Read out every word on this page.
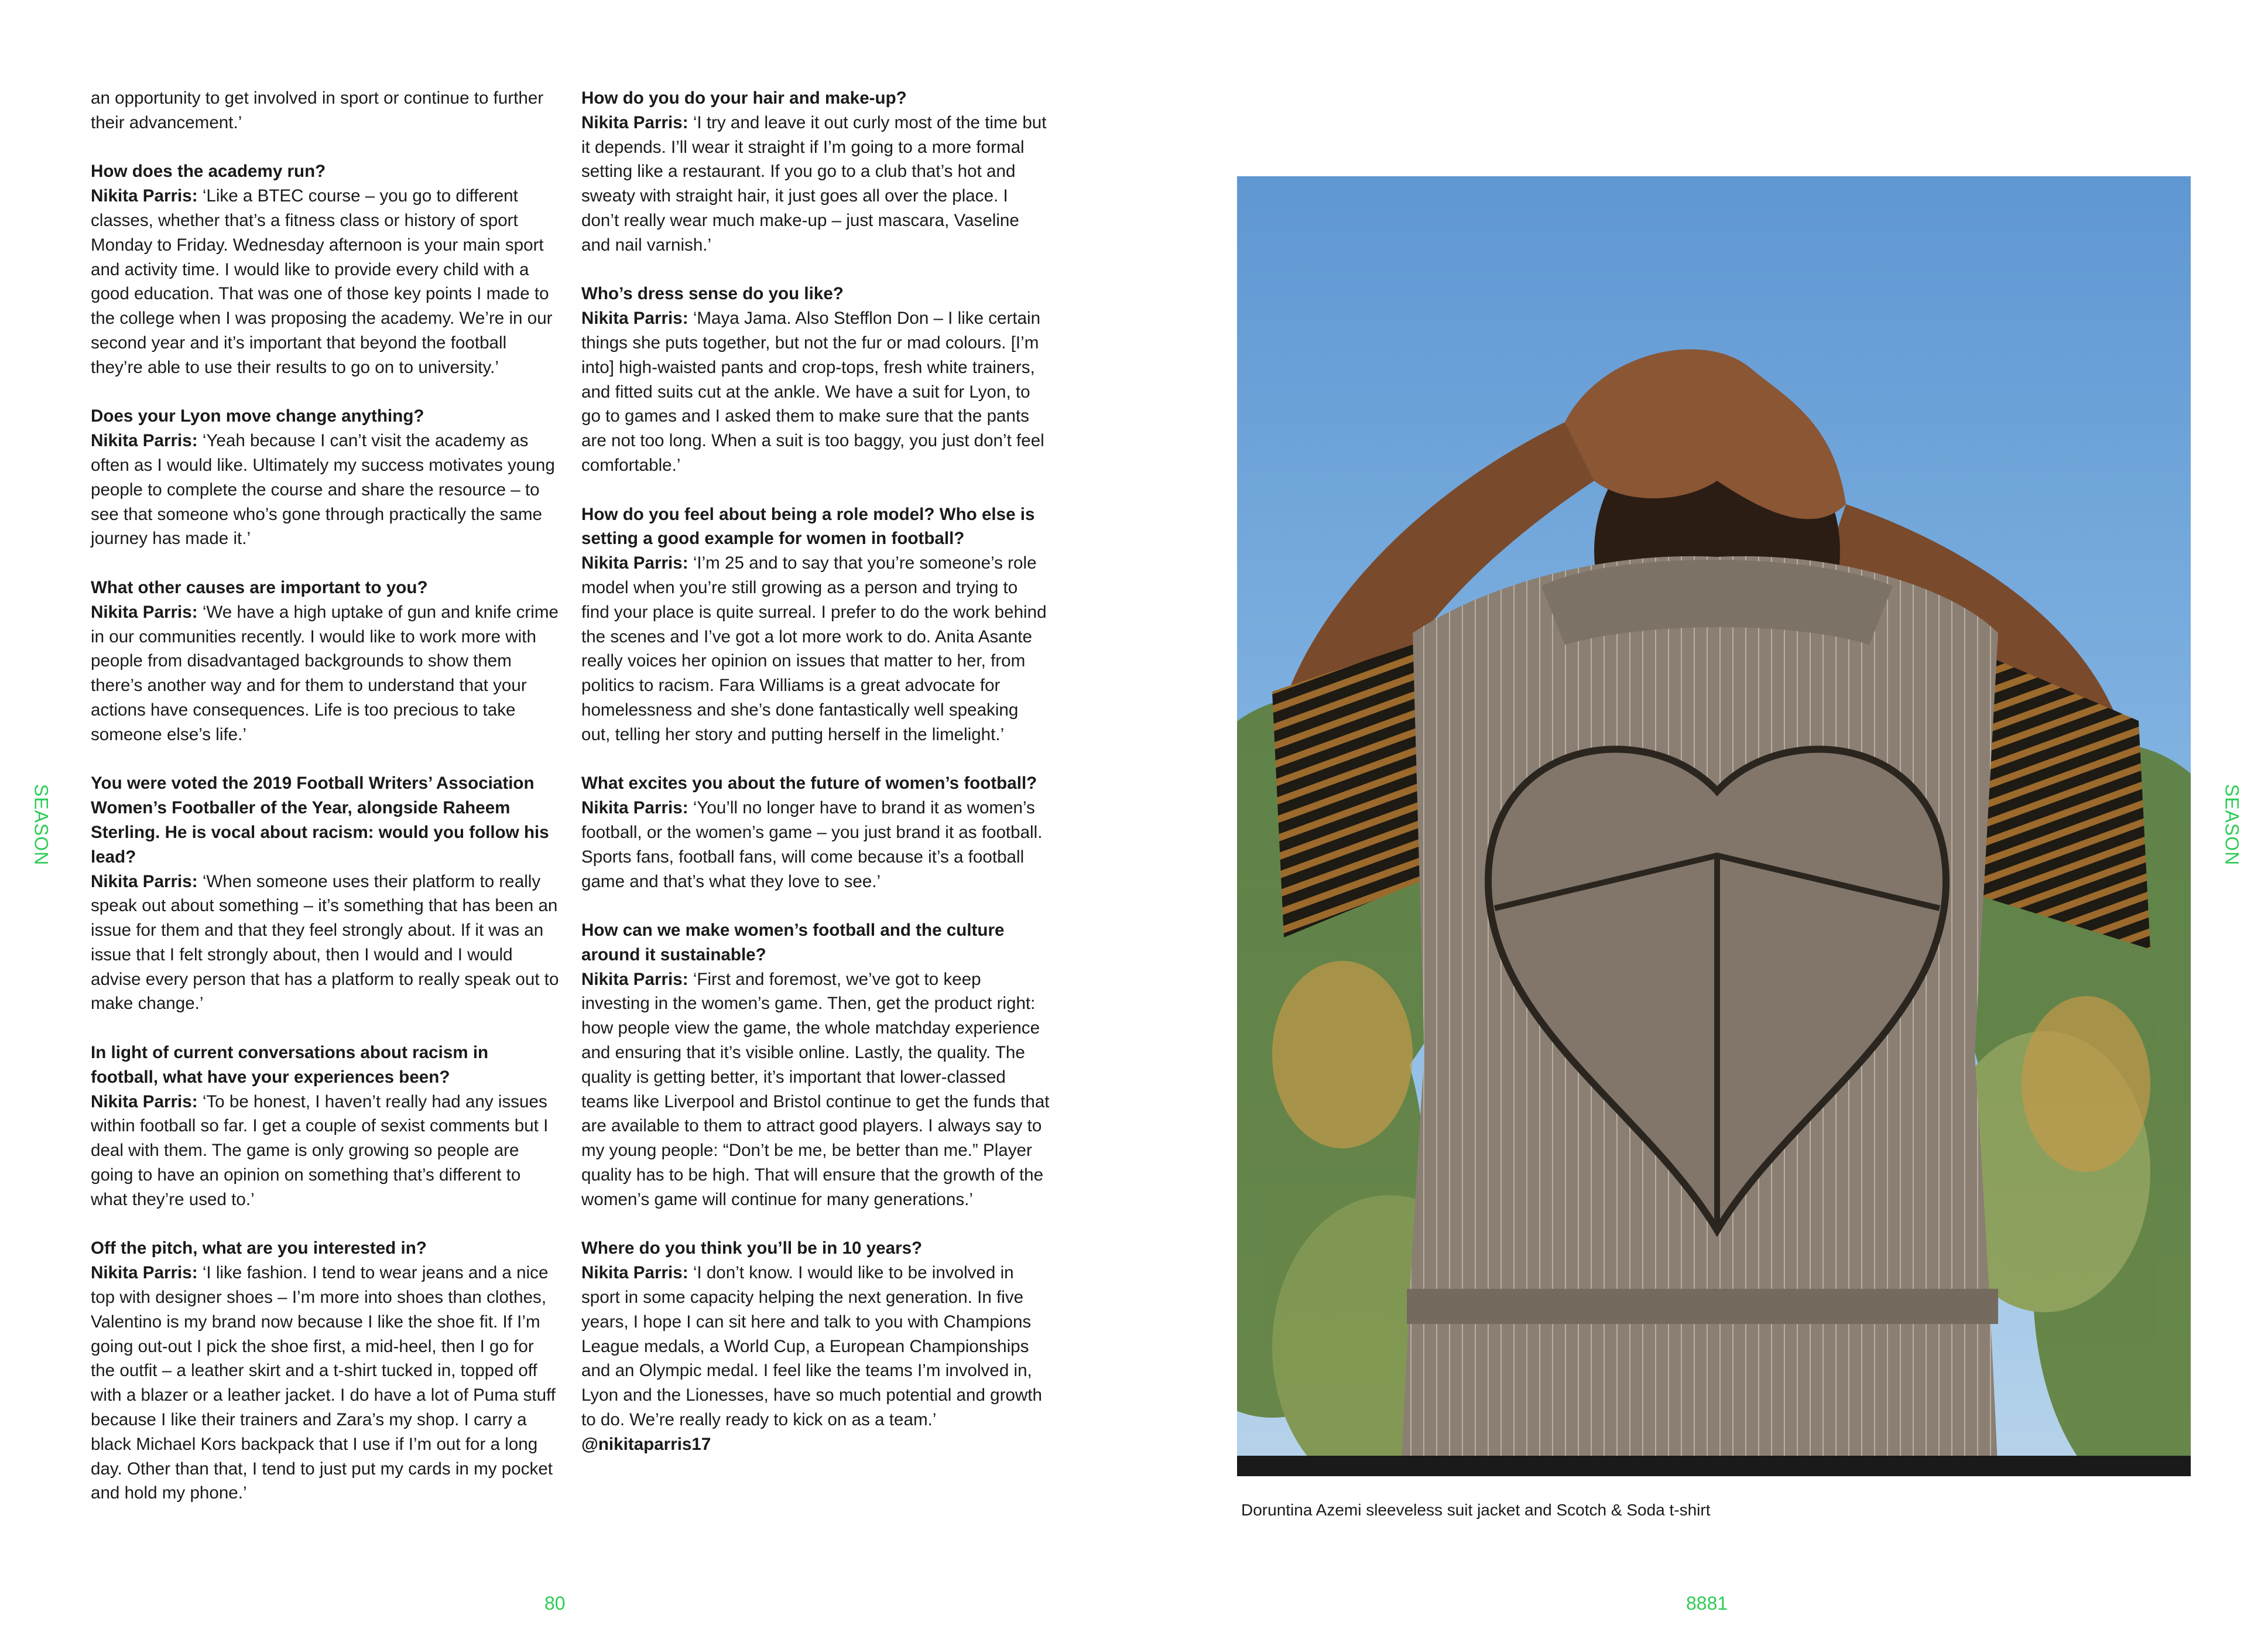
an opportunity to get involved in sport or continue to further their advancement.’

How does the academy run?

Nikita Parris: ‘Like a BTEC course – you go to different classes, whether that’s a fitness class or history of sport Monday to Friday. Wednesday afternoon is your main sport and activity time. I would like to provide every child with a good education. That was one of those key points I made to the college when I was proposing the academy. We’re in our second year and it’s important that beyond the football they’re able to use their results to go on to university.’

Does your Lyon move change anything?

Nikita Parris: ‘Yeah because I can’t visit the academy as often as I would like. Ultimately my success motivates young people to complete the course and share the resource – to see that someone who’s gone through practically the same journey has made it.’

What other causes are important to you?

Nikita Parris: ‘We have a high uptake of gun and knife crime in our communities recently. I would like to work more with people from disadvantaged backgrounds to show them there’s another way and for them to understand that your actions have consequences. Life is too precious to take someone else’s life.’

You were voted the 2019 Football Writers’ Association Women’s Footballer of the Year, alongside Raheem Sterling. He is vocal about racism: would you follow his lead?

Nikita Parris: ‘When someone uses their platform to really speak out about something – it’s something that has been an issue for them and that they feel strongly about. If it was an issue that I felt strongly about, then I would and I would advise every person that has a platform to really speak out to make change.’

In light of current conversations about racism in football, what have your experiences been?

Nikita Parris: ‘To be honest, I haven’t really had any issues within football so far. I get a couple of sexist comments but I deal with them. The game is only growing so people are going to have an opinion on something that’s different to what they’re used to.’

Off the pitch, what are you interested in?

Nikita Parris: ‘I like fashion. I tend to wear jeans and a nice top with designer shoes – I’m more into shoes than clothes, Valentino is my brand now because I like the shoe fit. If I’m going out-out I pick the shoe first, a mid-heel, then I go for the outfit – a leather skirt and a t-shirt tucked in, topped off with a blazer or a leather jacket. I do have a lot of Puma stuff because I like their trainers and Zara’s my shop. I carry a black Michael Kors backpack that I use if I’m out for a long day. Other than that, I tend to just put my cards in my pocket and hold my phone.’

How do you do your hair and make-up?

Nikita Parris: ‘I try and leave it out curly most of the time but it depends. I’ll wear it straight if I’m going to a more formal setting like a restaurant. If you go to a club that’s hot and sweaty with straight hair, it just goes all over the place. I don’t really wear much make-up – just mascara, Vaseline and nail varnish.’

Who’s dress sense do you like?

Nikita Parris: ‘Maya Jama. Also Stefflon Don – I like certain things she puts together, but not the fur or mad colours. [I’m into] high-waisted pants and crop-tops, fresh white trainers, and fitted suits cut at the ankle. We have a suit for Lyon, to go to games and I asked them to make sure that the pants are not too long. When a suit is too baggy, you just don’t feel comfortable.’

How do you feel about being a role model? Who else is setting a good example for women in football?

Nikita Parris: ‘I’m 25 and to say that you’re someone’s role model when you’re still growing as a person and trying to find your place is quite surreal. I prefer to do the work behind the scenes and I’ve got a lot more work to do. Anita Asante really voices her opinion on issues that matter to her, from politics to racism. Fara Williams is a great advocate for homelessness and she’s done fantastically well speaking out, telling her story and putting herself in the limelight.’

What excites you about the future of women’s football?

Nikita Parris: ‘You’ll no longer have to brand it as women’s football, or the women’s game – you just brand it as football. Sports fans, football fans, will come because it’s a football game and that’s what they love to see.’

How can we make women’s football and the culture around it sustainable?

Nikita Parris: ‘First and foremost, we’ve got to keep investing in the women’s game. Then, get the product right: how people view the game, the whole matchday experience and ensuring that it’s visible online. Lastly, the quality. The quality is getting better, it’s important that lower-classed teams like Liverpool and Bristol continue to get the funds that are available to them to attract good players. I always say to my young people: “Don’t be me, be better than me.” Player quality has to be high. That will ensure that the growth of the women’s game will continue for many generations.’

Where do you think you’ll be in 10 years?

Nikita Parris: ‘I don’t know. I would like to be involved in sport in some capacity helping the next generation. In five years, I hope I can sit here and talk to you with Champions League medals, a World Cup, a European Championships and an Olympic medal. I feel like the teams I’m involved in, Lyon and the Lionesses, have so much potential and growth to do. We’re really ready to kick on as a team.’ @nikitaparris17

SEASON	SEASON
80	8881
Doruntina Azemi sleeveless suit jacket and Scotch & Soda t-shirt
